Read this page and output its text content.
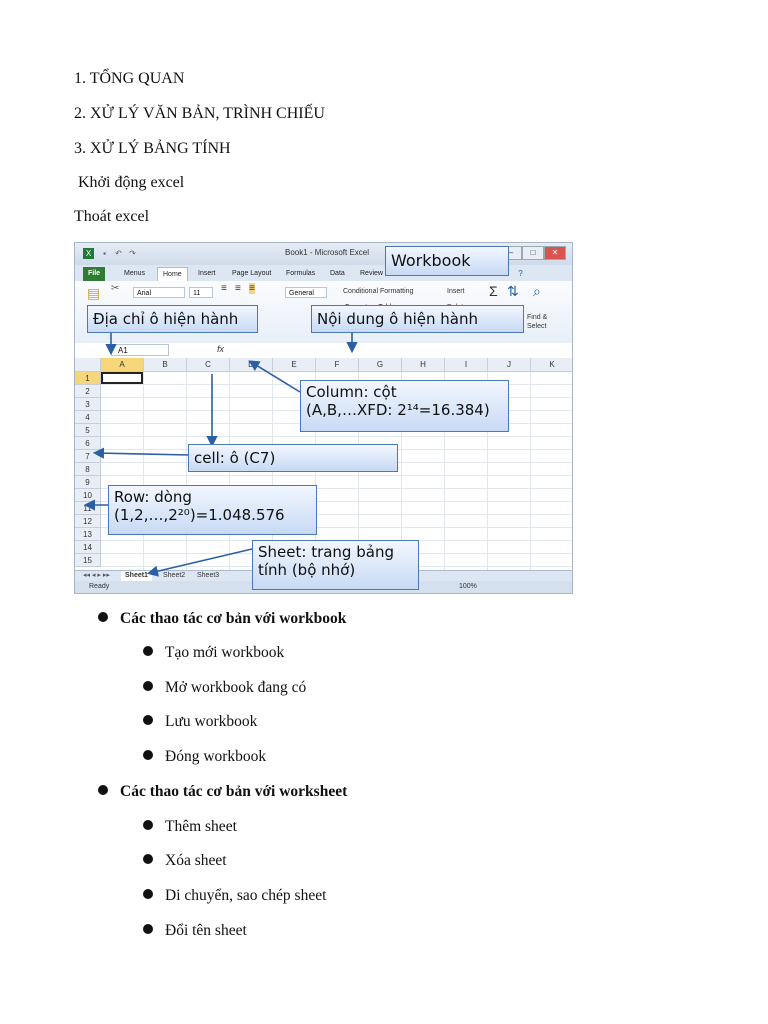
1. TỔNG QUAN
2. XỬ LÝ VĂN BẢN, TRÌNH CHIẾU
3. XỬ LÝ BẢNG TÍNH
Khởi động excel
Thoát excel
X	▪	↶ ↷	Book1 - Microsoft Excel	–	□	✕
File	Menus	Home	Insert	Page Layout	Formulas	Data	Review	?
▤ ✂	Arial	11	≡ ≡ ≡	General	Conditional Formatting	Insert Σ ⇅ ⌕
Find & Select
A1	fx
A	B	C	D	E	F	G	H	I	J	K
1
2
3
4
5
6
7
8
9
10
11
12
13
14
15
◂◂ ◂ ▸ ▸▸	Sheet1	Sheet2	Sheet3
Ready	100%
Workbook
Địa chỉ ô hiện hành	Nội dung ô hiện hành
Column: cột
(A,B,…XFD: 2¹⁴=16.384)
cell: ô (C7)
Row: dòng
(1,2,…,2²⁰)=1.048.576
Sheet: trang bảng
tính (bộ nhớ)
Các thao tác cơ bản với workbook
Tạo mới workbook
Mở workbook đang có
Lưu workbook
Đóng workbook
Các thao tác cơ bản với worksheet
Thêm sheet
Xóa sheet
Di chuyển, sao chép sheet
Đổi tên sheet
